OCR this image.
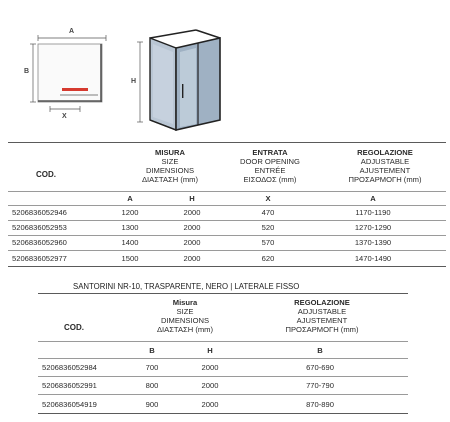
A
B
X
H
COD.
MISURA
SIZE
DIMENSIONS
ΔΙΑΣΤΑΣΗ (mm)
ENTRATA
DOOR OPENING
ENTRÉE
ΕΙΣΟΔΟΣ (mm)
REGOLAZIONE
ADJUSTABLE
AJUSTEMENT
ΠΡΟΣΑΡΜΟΓΗ (mm)
A	H	X	A
5206836052946	1200	2000	470	1170-1190
5206836052953	1300	2000	520	1270-1290
5206836052960	1400	2000	570	1370-1390
5206836052977	1500	2000	620	1470-1490
SANTORINI NR-10, TRASPARENTE, NERO | LATERALE FISSO
COD.
Misura
SIZE
DIMENSIONS
ΔΙΑΣΤΑΣΗ (mm)
REGOLAZIONE
ADJUSTABLE
AJUSTEMENT
ΠΡΟΣΑΡΜΟΓΗ (mm)
B	H	B
5206836052984	700	2000	670-690
5206836052991	800	2000	770-790
5206836054919	900	2000	870-890
